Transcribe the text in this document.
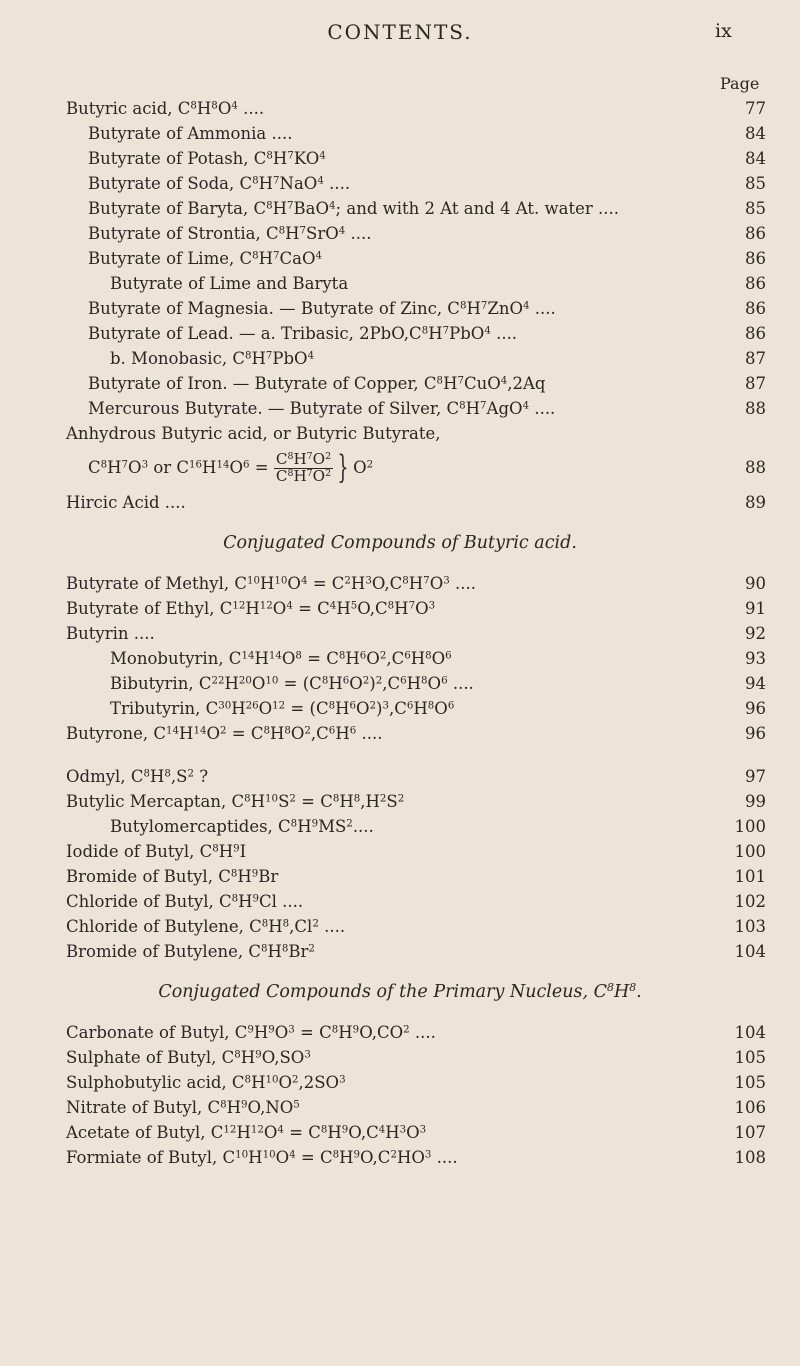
CONTENTS.	ix
Page
Butyric acid, $C^8H^8O^4$ ....	77
Butyrate of Ammonia ....	84
Butyrate of Potash, $C^8H^7KO^4$	84
Butyrate of Soda, $C^8H^7NaO^4$ ....	85
Butyrate of Baryta, $C^8H^7BaO^4$; and with 2 At and 4 At. water ....	85
Butyrate of Strontia, $C^8H^7SrO^4$ ....	86
Butyrate of Lime, $C^8H^7CaO^4$	86
Butyrate of Lime and Baryta	86
Butyrate of Magnesia. — Butyrate of Zinc, $C^8H^7ZnO^4$ ....	86
Butyrate of Lead. — a. Tribasic, $2PbO,C^8H^7PbO^4$ ....	86
b. Monobasic, $C^8H^7PbO^4$	87
Butyrate of Iron. — Butyrate of Copper, $C^8H^7CuO^4,2Aq$	87
Mercurous Butyrate. — Butyrate of Silver, $C^8H^7AgO^4$ ....	88
Anhydrous Butyric acid, or Butyric Butyrate,
$C^8H^7O^3$ or $C^{16}H^{14}O^6 = \frac{C^8H^7O^2}{C^8H^7O^2}$ } $O^2$	88
Hircic Acid ....	89
Conjugated Compounds of Butyric acid.
Butyrate of Methyl, $C^{10}H^{10}O^4 = C^2H^3O,C^8H^7O^3$ ....	90
Butyrate of Ethyl, $C^{12}H^{12}O^4 = C^4H^5O,C^8H^7O^3$	91
Butyrin ....	92
Monobutyrin, $C^{14}H^{14}O^8 = C^8H^6O^2,C^6H^8O^6$	93
Bibutyrin, $C^{22}H^{20}O^{10} = (C^8H^6O^2)^2,C^6H^8O^6$ ....	94
Tributyrin, $C^{30}H^{26}O^{12} = (C^8H^6O^2)^3,C^6H^8O^6$	96
Butyrone, $C^{14}H^{14}O^2 = C^8H^8O^2,C^6H^6$ ....	96
Odmyl, $C^8H^8,S^2$ ?	97
Butylic Mercaptan, $C^8H^{10}S^2 = C^8H^8,H^2S^2$	99
Butylomercaptides, $C^8H^9MS^2$....	100
Iodide of Butyl, $C^8H^9I$	100
Bromide of Butyl, $C^8H^9Br$	101
Chloride of Butyl, $C^8H^9Cl$ ....	102
Chloride of Butylene, $C^8H^8,Cl^2$ ....	103
Bromide of Butylene, $C^8H^8Br^2$	104
Conjugated Compounds of the Primary Nucleus, $C^8H^8$.
Carbonate of Butyl, $C^9H^9O^3 = C^8H^9O,CO^2$ ....	104
Sulphate of Butyl, $C^8H^9O,SO^3$	105
Sulphobutylic acid, $C^8H^{10}O^2,2SO^3$	105
Nitrate of Butyl, $C^8H^9O,NO^5$	106
Acetate of Butyl, $C^{12}H^{12}O^4 = C^8H^9O,C^4H^3O^3$	107
Formiate of Butyl, $C^{10}H^{10}O^4 = C^8H^9O,C^2HO^3$ ....	108
